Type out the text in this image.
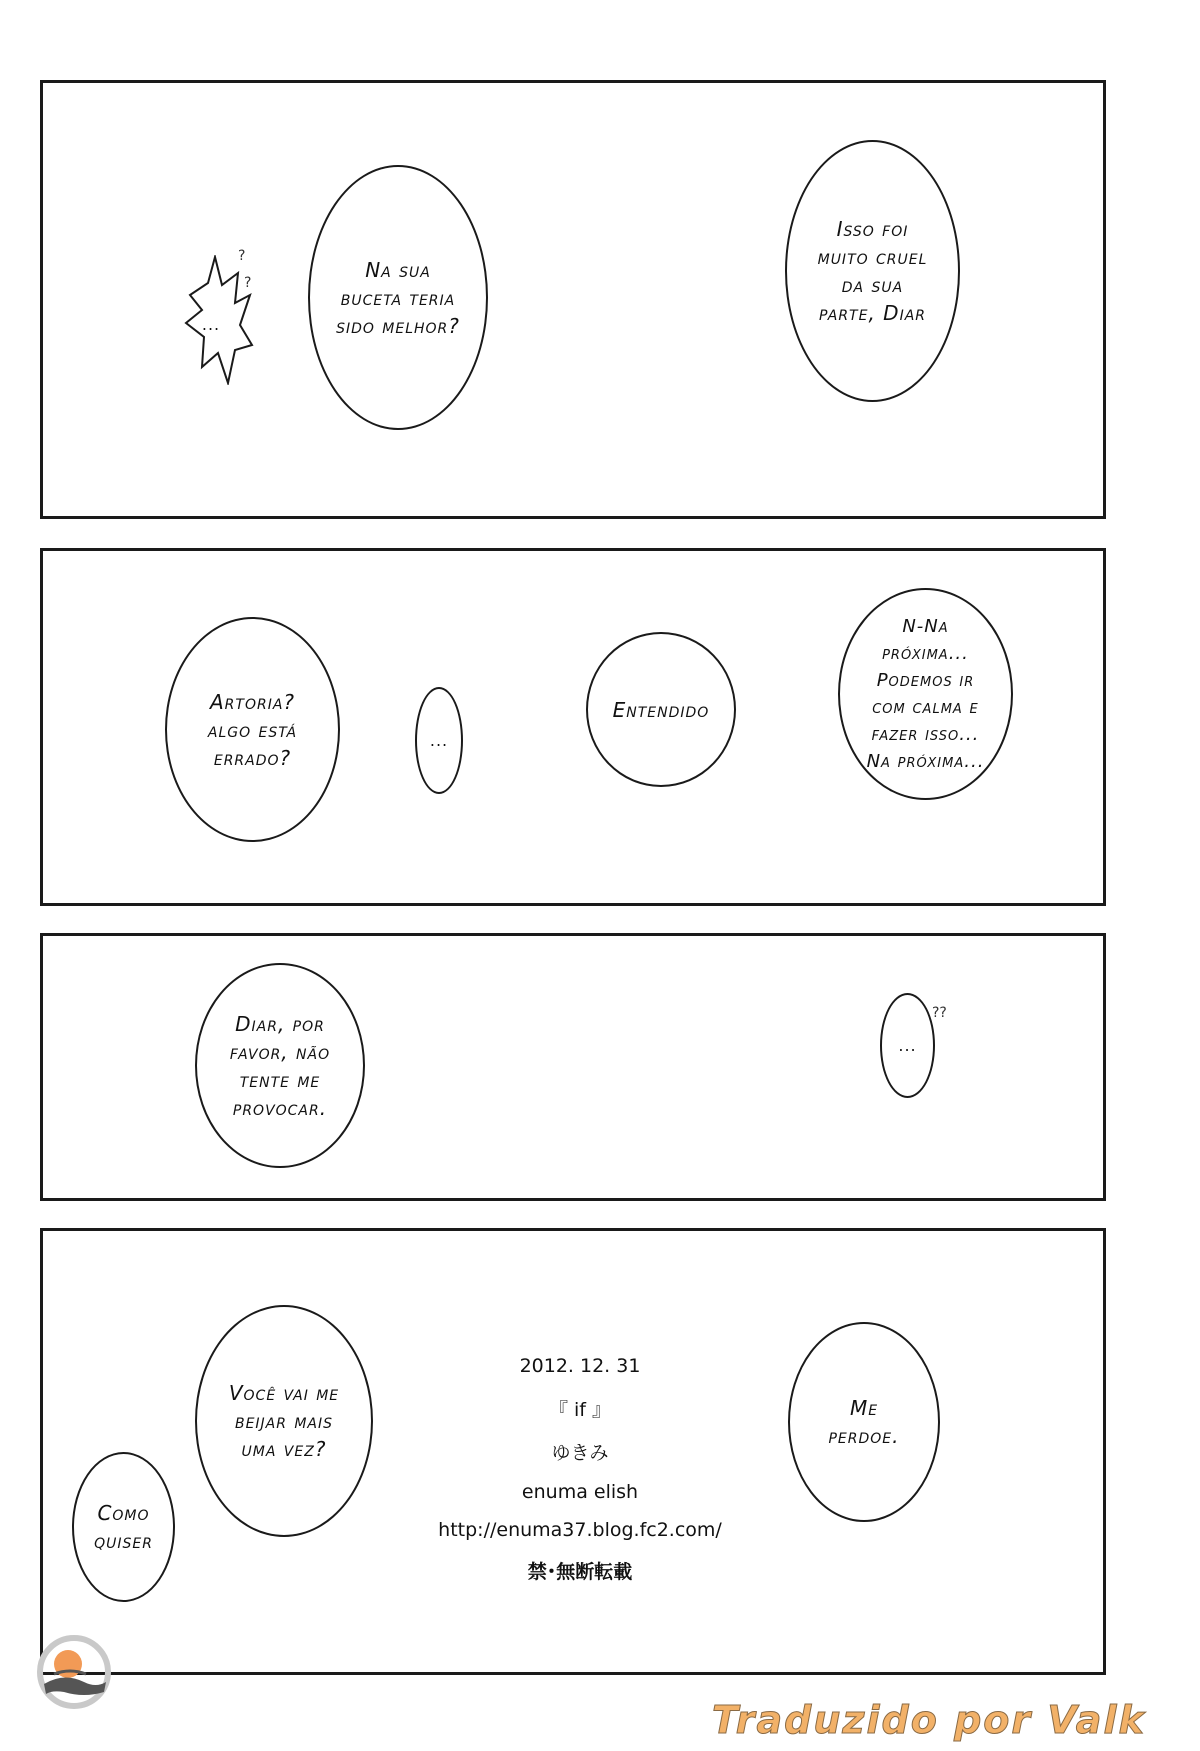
...
?
?
Na sua
buceta teria
sido melhor?
Isso foi
muito cruel
da sua
parte, Diar
Artoria?
algo está
errado?
...
Entendido
N-Na
próxima...
Podemos ir
com calma e
fazer isso...
Na próxima...
Diar, por
favor, não
tente me
provocar.
...
??
Como
quiser
Você vai me
beijar mais
uma vez?
Me
perdoe.
2012. 12. 31
『 if 』
ゆきみ
enuma elish
http://enuma37.blog.fc2.com/
禁･無断転載
Traduzido por Valk
